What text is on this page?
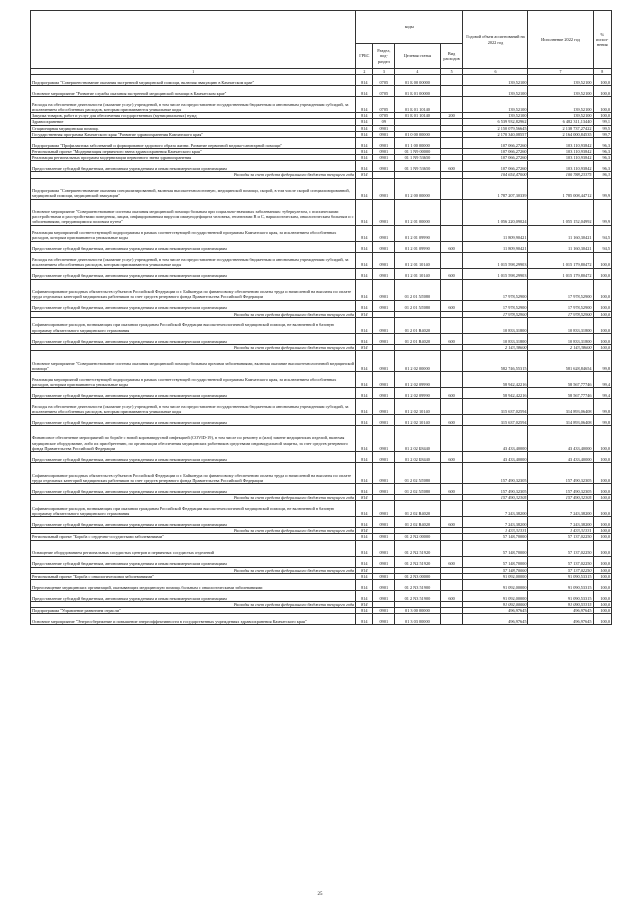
	коды				Годовой объем ассигнований на 2022 год	Исполнение 2022 год	% испол-нения
	ГРБС	Раздел, под-раздел	Целевая статья	Вид расходов			
1	2	3	4	5	6	7	8
Подпрограмма "Совершенствование оказания экстренной медицинской помощи, включая эвакуацию в Камчатском крае"	814	0705	01 Б 00 00000		139,52100	139,52100	100,0
Основное мероприятие "Развитие службы оказания экстренной медицинской помощи в Камчатском крае"	814	0705	01 Б 01 00000		139,52100	139,52100	100,0
Расходы на обеспечение деятельности (оказание услуг) учреждений, в том числе на предоставление государственным бюджетным и автономным учреждениям субсидий, за исключением обособленных расходов, которым присваиваются уникальные коды	814	0705	01 Б 01 10140		139,52100	139,52100	100,0
Закупка товаров, работ и услуг для обеспечения государственных (муниципальных) нужд	814	0705	01 Б 01 10140	200	139,52100	139,52100	100,0
Здравоохранение	814	09			6 539 932,82962	6 482 311,13440	99,1
Стационарная медицинская помощь	814	0901			2 150 079,56645	2 138 737,27422	99,5
Государственная программа Камчатского края "Развитие здравоохранения Камчатского края"	814	0901	01 0 00 00000		2 170 340,08557	2 164 000,84535	99,7
Подпрограмма "Профилактика заболеваний и формирование здорового образа жизни. Развитие первичной медико-санитарной помощи"	814	0901	01 1 00 00000		107 066,27260	103 110,93842	96,3
Региональный проект "Модернизация первичного звена здравоохранения Камчатского края"	814	0901	01 1 N9 00000		107 066,27260	103 110,93842	96,3
Реализация региональных программ модернизации первичного звена здравоохранения	814	0901	01 1 N9 53650		107 066,27260	103 110,93842	96,3
Предоставление субсидий бюджетным, автономным учреждениям и иным некоммерческим организациям	814	0901	01 1 N9 53650	600	107 066,27260	103 110,93842	96,3
Расходы за счет средств федерального бюджета текущего года	814				104 654,47000	100 788,23375	96,3
Подпрограмма "Совершенствование оказания специализированной, включая высокотехнологичную, медицинской помощи, скорой, в том числе скорой специализированной, медицинской помощи, медицинской эвакуации"	814	0901	01 2 00 00000		1 787 207,30339	1 785 008,44712	99,9
Основное мероприятие "Совершенствование системы оказания медицинской помощи больным при социально-значимых заболеваниях: туберкулезом, с психическими расстройствами и расстройствами поведения, лицам, инфицированным вирусом иммунодефицита человека, гепатитами B и C, наркологическим, онкологическим больным и с заболеваниями, передающимися половым путем"	814	0901	01 2 01 00000		1 056 220,09024	1 055 152,04992	99,9
Реализация мероприятий соответствующей подпрограммы в рамках соответствующей государственной программы Камчатского края, за исключением обособленных расходов, которым присваиваются уникальные коды	814	0901	01 2 01 09990		11 809,90421	11 160,30421	94,5
Предоставление субсидий бюджетным, автономным учреждениям и иным некоммерческим организациям	814	0901	01 2 01 09990	600	11 809,90421	11 160,30421	94,5
Расходы на обеспечение деятельности (оказание услуг) учреждений, в том числе на предоставление государственным бюджетным и автономным учреждениям субсидий, за исключением обособленных расходов, которым присваиваются уникальные коды	814	0901	01 2 01 10140		1 015 598,29903	1 015 179,80472	100,0
Предоставление субсидий бюджетным, автономным учреждениям и иным некоммерческим организациям	814	0901	01 2 01 10140	600	1 015 598,29903	1 015 179,80472	100,0
Софинансирование расходных обязательств субъектов Российской Федерации и г. Байконура по финансовому обеспечению оплаты труда и начислений на выплаты по оплате труда отдельных категорий медицинских работников за счет средств резервного фонда Правительства Российской Федерации	814	0901	01 2 01 5Л080		17 978,52900	17 978,52900	100,0
Предоставление субсидий бюджетным, автономным учреждениям и иным некоммерческим организациям	814	0901	01 2 01 5Л080	600	17 978,52900	17 978,52900	100,0
Расходы за счет средств федерального бюджета текущего года	814				17 978,52900	17 978,52900	100,0
Софинансирование расходов, возникающих при оказании гражданам Российской Федерации высокотехнологичной медицинской помощи, не включенной в базовую программу обязательного медицинского страхования	814	0901	01 2 01 R4020		10 833,31800	10 833,31800	100,0
Предоставление субсидий бюджетным, автономным учреждениям и иным некоммерческим организациям	814	0901	01 2 01 R4020	600	10 833,31800	10 833,31800	100,0
Расходы за счет средств федерального бюджета текущего года	814				2 143,38600	2 143,38600	100,0
Основное мероприятие "Совершенствование системы оказания медицинской помощи больным прочими заболеваниями, включая оказание высокотехнологичной медицинской помощи"	814	0901	01 2 02 00000		582 746,55315	581 628,84654	99,8
Реализация мероприятий соответствующей подпрограммы в рамках соответствующей государственной программы Камчатского края, за исключением обособленных расходов, которым присваиваются уникальные коды	814	0901	01 2 02 09990		58 942,42216	58 567,77746	99,4
Предоставление субсидий бюджетным, автономным учреждениям и иным некоммерческим организациям	814	0901	01 2 02 09990	600	58 942,42216	58 567,77746	99,4
Расходы на обеспечение деятельности (оказание услуг) учреждений, в том числе на предоставление государственным бюджетным и автономным учреждениям субсидий, за исключением обособленных расходов, которым присваиваются уникальные коды	814	0901	01 2 02 10140		315 637,02594	314 893,06408	99,8
Предоставление субсидий бюджетным, автономным учреждениям и иным некоммерческим организациям	814	0901	01 2 02 10140	600	315 637,02594	314 893,06408	99,8
Финансовое обеспечение мероприятий по борьбе с новой коронавирусной инфекцией (COVID-19), в том числе по ремонту и (или) замене медицинских изделий, включая медицинское оборудование, либо их приобретению, по организации обеспечения медицинских работников средствами индивидуальной защиты, за счет средств резервного фонда Правительства Российской Федерации	814	0901	01 2 02 Б8440		43 433,40000	43 433,40000	100,0
Предоставление субсидий бюджетным, автономным учреждениям и иным некоммерческим организациям	814	0901	01 2 02 Б8440	600	43 433,40000	43 433,40000	100,0
Софинансирование расходных обязательств субъектов Российской Федерации и г. Байконура по финансовому обеспечению оплаты труда и начислений на выплаты по оплате труда отдельных категорий медицинских работников за счет средств резервного фонда Правительства Российской Федерации	814	0901	01 2 02 5Л080		157 490,32305	157 490,32305	100,0
Предоставление субсидий бюджетным, автономным учреждениям и иным некоммерческим организациям	814	0901	01 2 02 5Л080	600	157 490,32305	157 490,32305	100,0
Расходы за счет средств федерального бюджета текущего года	814				157 490,32305	157 490,32305	100,0
Софинансирование расходов, возникающих при оказании гражданам Российской Федерации высокотехнологичной медицинской помощи, не включенной в базовую программу обязательного медицинского страхования	814	0901	01 2 02 R4020		7 243,38200	7 243,38200	100,0
Предоставление субсидий бюджетным, автономным учреждениям и иным некоммерческим организациям	814	0901	01 2 02 R4020	600	7 243,38200	7 243,38200	100,0
Расходы за счет средств федерального бюджета текущего года	814				1 433,31331	1 433,31331	100,0
Региональный проект "Борьба с сердечно-сосудистыми заболеваниями"	814	0901	01 2 N2 00000		57 148,70000	57 137,02250	100,0
Оснащение оборудованием региональных сосудистых центров и первичных сосудистых отделений	814	0901	01 2 N2 51920		57 148,70000	57 137,02250	100,0
Предоставление субсидий бюджетным, автономным учреждениям и иным некоммерческим организациям	814	0901	01 2 N2 51920	600	57 148,70000	57 137,02250	100,0
Расходы за счет средств федерального бюджета текущего года	814				57 148,70000	57 137,02250	100,0
Региональный проект "Борьба с онкологическими заболеваниями"	814	0901	01 2 N3 00000		91 092,00000	91 090,53315	100,0
Переоснащение медицинских организаций, оказывающих медицинскую помощь больным с онкологическими заболеваниями	814	0901	01 2 N3 51900		91 092,00000	91 090,53315	100,0
Предоставление субсидий бюджетным, автономным учреждениям и иным некоммерческим организациям	814	0901	01 2 N3 51900	600	91 092,00000	91 090,53315	100,0
Расходы за счет средств федерального бюджета текущего года	814				91 092,00000	91 090,53315	100,0
Подпрограмма "Управление развитием отрасли"	814	0901	01 3 00 00000		496,97645	496,97645	100,0
Основное мероприятие "Энергосбережение и повышение энергоэффективности в государственных учреждениях здравоохранения Камчатского края"	814	0901	01 3 03 00000		496,97645	496,97645	100,0
25
